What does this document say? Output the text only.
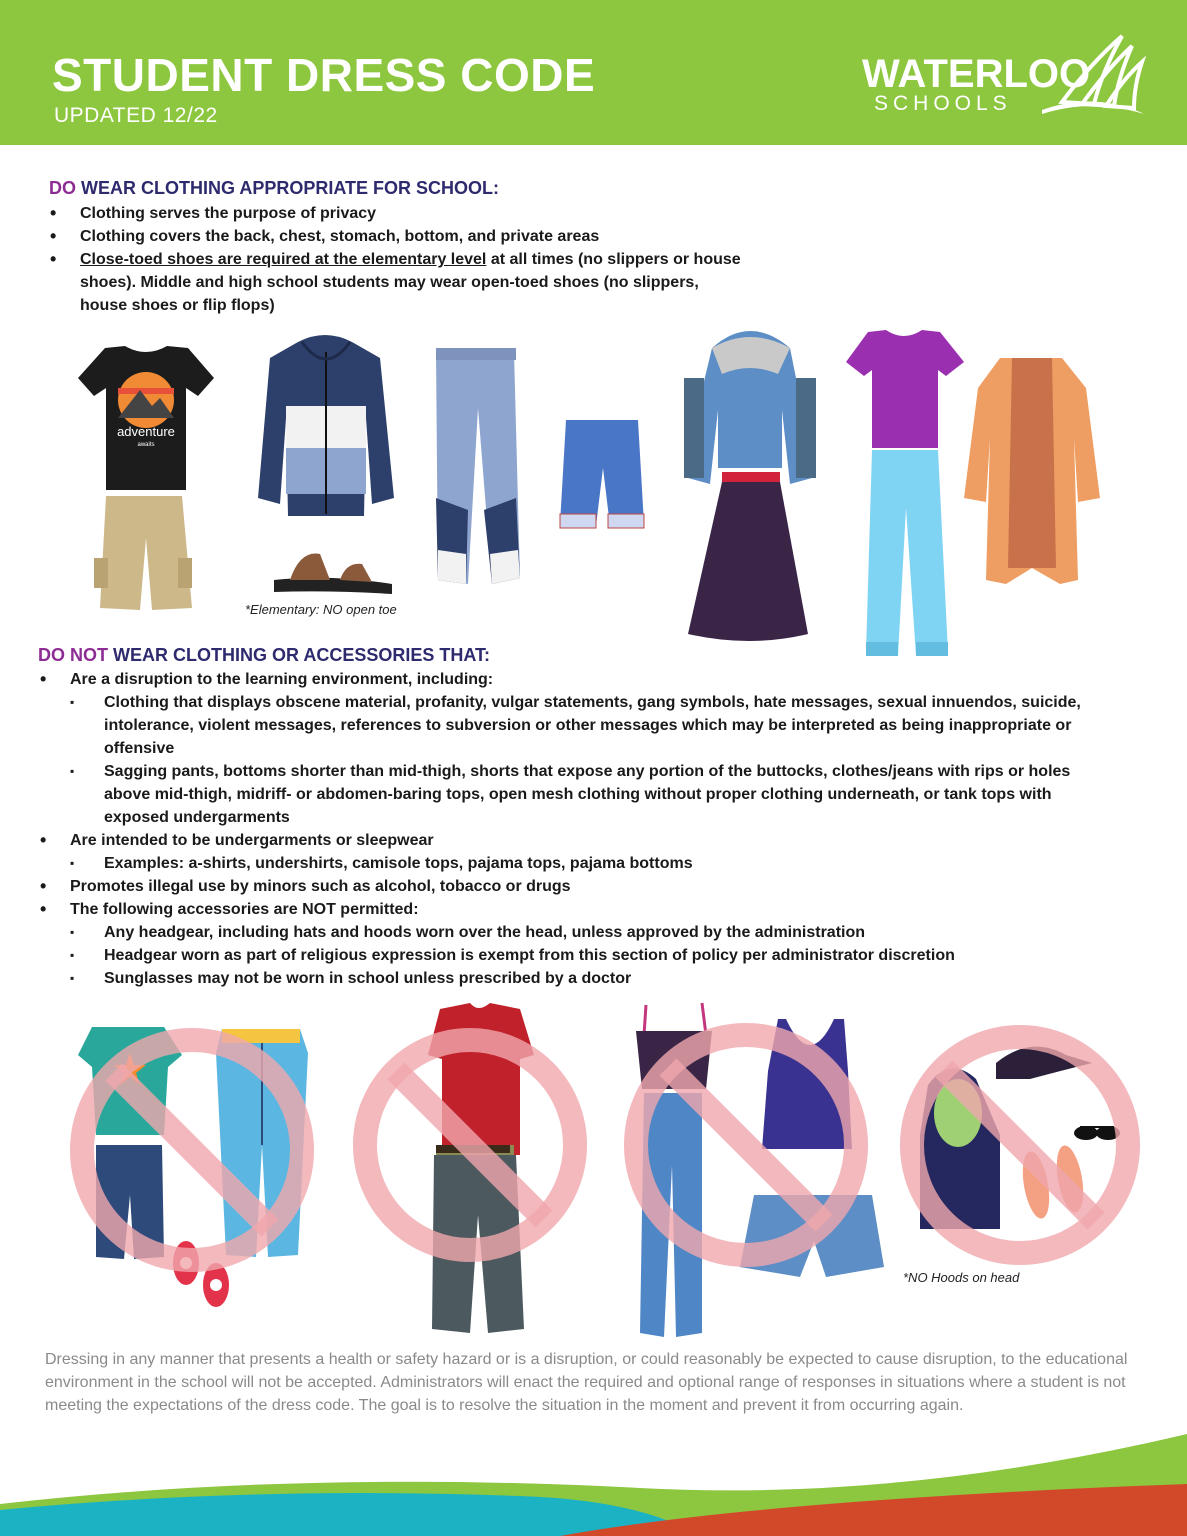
STUDENT DRESS CODE
UPDATED 12/22
WATERLOO
SCHOOLS
DO WEAR CLOTHING APPROPRIATE FOR SCHOOL:
• Clothing serves the purpose of privacy
• Clothing covers the back, chest, stomach, bottom, and private areas
• Close-toed shoes are required at the elementary level at all times (no slippers or house shoes). Middle and high school students may wear open-toed shoes (no slippers, house shoes or flip flops)
adventure
awaits
*Elementary: NO open toe
DO NOT WEAR CLOTHING OR ACCESSORIES THAT:
• Are a disruption to the learning environment, including:
▪ Clothing that displays obscene material, profanity, vulgar statements, gang symbols, hate messages, sexual innuendos, suicide, intolerance, violent messages, references to subversion or other messages which may be interpreted as being inappropriate or offensive
▪ Sagging pants, bottoms shorter than mid-thigh, shorts that expose any portion of the buttocks, clothes/jeans with rips or holes above mid-thigh, midriff- or abdomen-baring tops, open mesh clothing without proper clothing underneath, or tank tops with exposed undergarments
• Are intended to be undergarments or sleepwear
▪ Examples: a-shirts, undershirts, camisole tops, pajama tops, pajama bottoms
• Promotes illegal use by minors such as alcohol, tobacco or drugs
• The following accessories are NOT permitted:
▪ Any headgear, including hats and hoods worn over the head, unless approved by the administration
▪ Headgear worn as part of religious expression is exempt from this section of policy per administrator discretion
▪ Sunglasses may not be worn in school unless prescribed by a doctor
*NO Hoods on head
Dressing in any manner that presents a health or safety hazard or is a disruption, or could reasonably be expected to cause disruption, to the educational environment in the school will not be accepted. Administrators will enact the required and optional range of responses in situations where a student is not meeting the expectations of the dress code. The goal is to resolve the situation in the moment and prevent it from occurring again.
